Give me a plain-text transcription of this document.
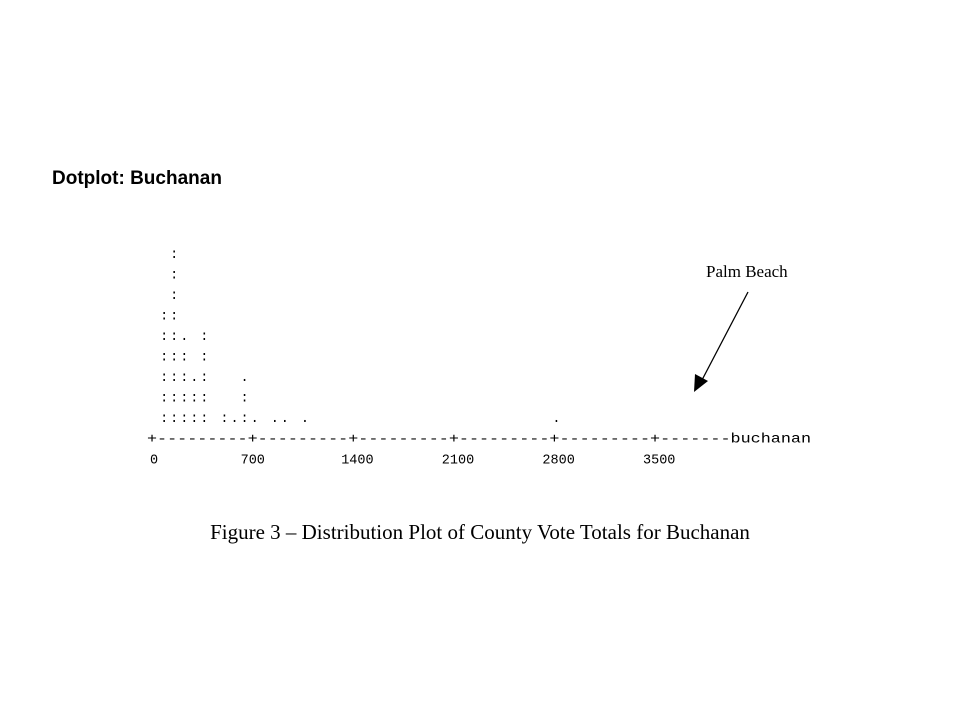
Dotplot: Buchanan
:
:
:
: :
: : . :
: : : :
: : : . : .
: : : : : :
: : : : : : . : . . . .	.
+---------+---------+---------+---------+---------+-------buchanan
0	700	1400	2100	2800	3500
Palm Beach
Figure 3 – Distribution Plot of County Vote Totals for Buchanan
